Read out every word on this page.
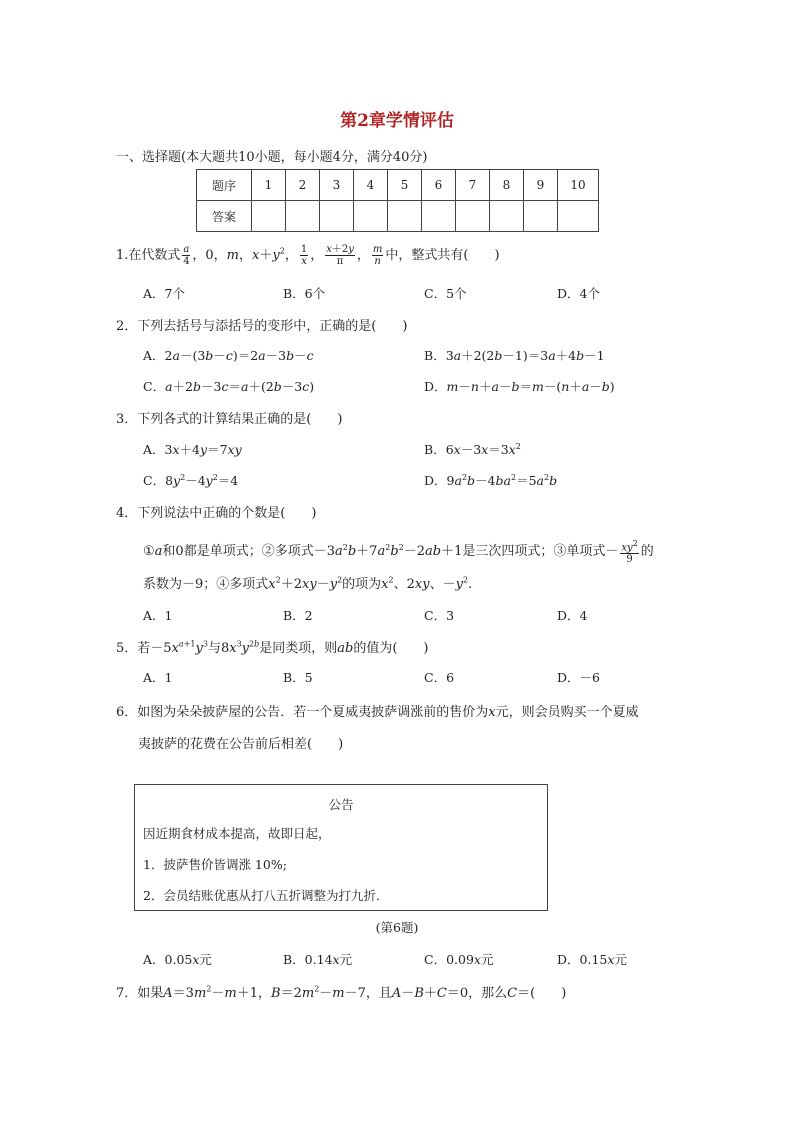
第2章学情评估
一、选择题(本大题共10小题，每小题4分，满分40分)
题序	1	2	3	4	5	6	7	8	9	10
答案										
1.在代数式 $\frac{a}{4}$ ，0，m，$x+y^2$， $\frac{1}{x}$ ， $\frac{x+2y}{\pi}$ ， $\frac{m}{n}$ 中，整式共有(　　)
A．7个	B．6个	C．5个	D．4个
2．下列去括号与添括号的变形中，正确的是(　　)
A．2a－(3b－c)＝2a－3b－c	B．3a＋2(2b－1)＝3a＋4b－1
C．a＋2b－3c＝a＋(2b－3c)	D．m－n＋a－b＝m－(n＋a－b)
3．下列各式的计算结果正确的是(　　)
A．3x＋4y＝7xy	B．$6x-3x=3x^2$
C．$8y^2-4y^2=4$	D．$9a^2b-4ba^2=5a^2b$
4．下列说法中正确的个数是(　　)
①a和0都是单项式；②多项式$-3a^2b+7a^2b^2-2ab+1$是三次四项式；③单项式－ $\frac{xy^2}{9}$ 的
系数为－9；④多项式$x^2+2xy-y^2$的项为$x^2$、2xy、$-y^2$.
A．1	B．2	C．3	D．4
5．若$-5x^{a+1}y^3$与$8x^3y^{2b}$是同类项，则ab的值为(　　)
A．1	B．5	C．6	D．－6
6．如图为朵朵披萨屋的公告．若一个夏威夷披萨调涨前的售价为x元，则会员购买一个夏威
夷披萨的花费在公告前后相差(　　)
公告
因近期食材成本提高，故即日起，
1．披萨售价皆调涨 10%;
2．会员结账优惠从打八五折调整为打九折．
(第6题)
A．0.05x元	B．0.14x元	C．0.09x元	D．0.15x元
7．如果$A=3m^2-m+1$，$B=2m^2-m-7$，且A－B＋C＝0，那么C＝(　　)
